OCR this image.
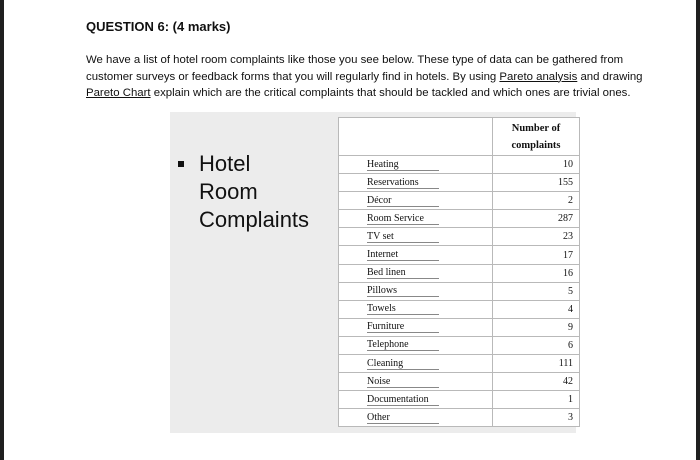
QUESTION 6: (4 marks)
We have a list of hotel room complaints like those you see below. These type of data can be gathered from customer surveys or feedback forms that you will regularly find in hotels. By using Pareto analysis and drawing Pareto Chart explain which are the critical complaints that should be tackled and which ones are trivial ones.
Hotel
Room
Complaints

	Number of
complaints

Heating	10
Reservations	155
Décor	2
Room Service	287
TV set	23
Internet	17
Bed linen	16
Pillows	5
Towels	4
Furniture	9
Telephone	6
Cleaning	111
Noise	42
Documentation	1
Other	3
